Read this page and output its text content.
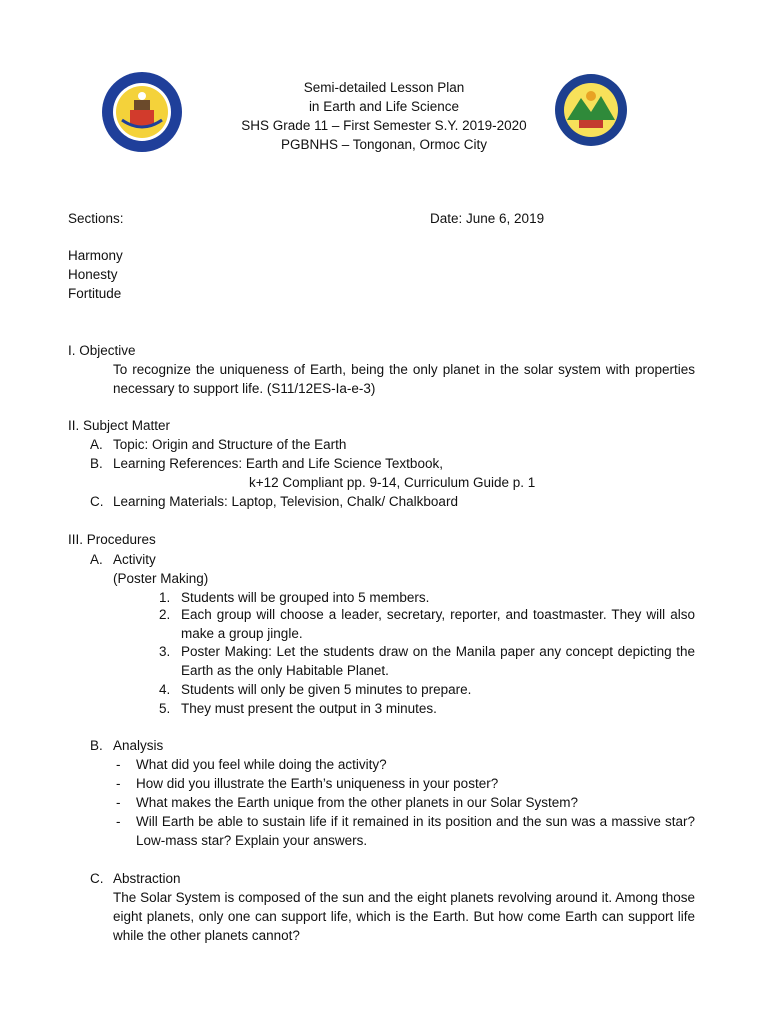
Semi-detailed Lesson Plan
in Earth and Life Science
SHS Grade 11 – First Semester S.Y. 2019-2020
PGBNHS – Tongonan, Ormoc City
Sections:	Date: June 6, 2019
Harmony
Honesty
Fortitude
I. Objective
To recognize the uniqueness of Earth, being the only planet in the solar system with properties necessary to support life. (S11/12ES-Ia-e-3)
II. Subject Matter
A. Topic: Origin and Structure of the Earth
B. Learning References: Earth and Life Science Textbook,
k+12 Compliant pp. 9-14, Curriculum Guide p. 1
C. Learning Materials: Laptop, Television, Chalk/ Chalkboard
III. Procedures
A. Activity
(Poster Making)
1. Students will be grouped into 5 members.
2. Each group will choose a leader, secretary, reporter, and toastmaster. They will also make a group jingle.
3. Poster Making: Let the students draw on the Manila paper any concept depicting the Earth as the only Habitable Planet.
4. Students will only be given 5 minutes to prepare.
5. They must present the output in 3 minutes.
B. Analysis
- What did you feel while doing the activity?
- How did you illustrate the Earth’s uniqueness in your poster?
- What makes the Earth unique from the other planets in our Solar System?
- Will Earth be able to sustain life if it remained in its position and the sun was a massive star? Low-mass star? Explain your answers.
C. Abstraction
The Solar System is composed of the sun and the eight planets revolving around it. Among those eight planets, only one can support life, which is the Earth. But how come Earth can support life while the other planets cannot?
